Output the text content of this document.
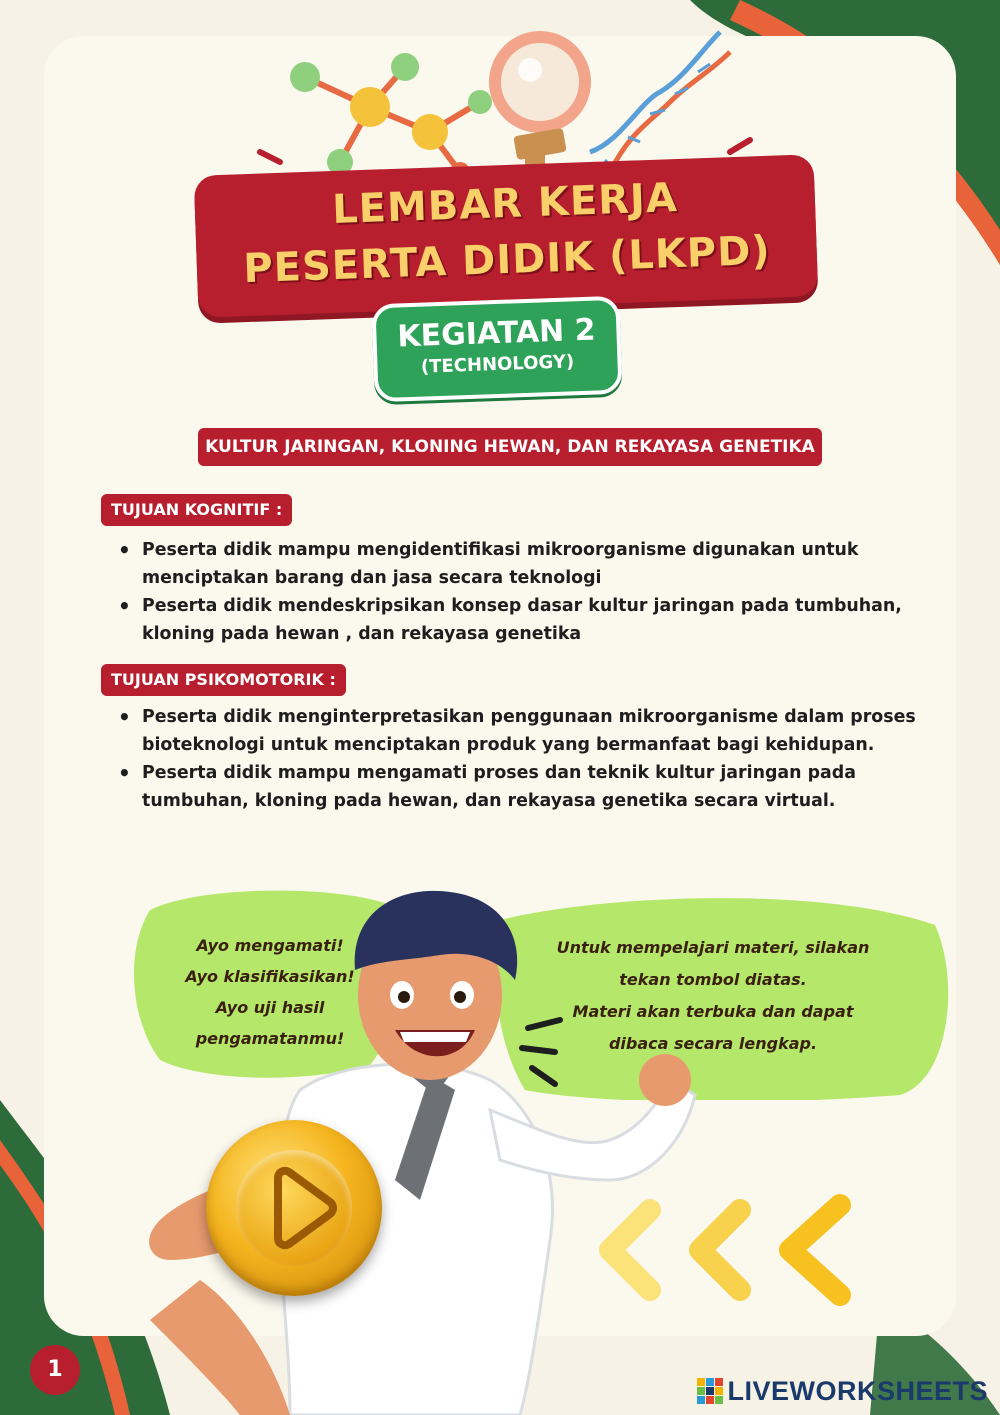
LEMBAR KERJA
PESERTA DIDIK (LKPD)
KEGIATAN 2
(TECHNOLOGY)
KULTUR JARINGAN, KLONING HEWAN, DAN REKAYASA GENETIKA
TUJUAN KOGNITIF :
• Peserta didik mampu mengidentifikasi mikroorganisme digunakan untuk menciptakan barang dan jasa secara teknologi
• Peserta didik mendeskripsikan konsep dasar kultur jaringan pada tumbuhan, kloning pada hewan , dan rekayasa genetika
TUJUAN PSIKOMOTORIK :
• Peserta didik menginterpretasikan penggunaan mikroorganisme dalam proses bioteknologi untuk menciptakan produk yang bermanfaat bagi kehidupan.
• Peserta didik mampu mengamati proses dan teknik kultur jaringan pada tumbuhan, kloning pada hewan, dan rekayasa genetika secara virtual.
Ayo mengamati!
Ayo klasifikasikan!
Ayo uji hasil
pengamatanmu!
Untuk mempelajari materi, silakan
tekan tombol diatas.
Materi akan terbuka dan dapat
dibaca secara lengkap.
1
LIVEWORKSHEETS
